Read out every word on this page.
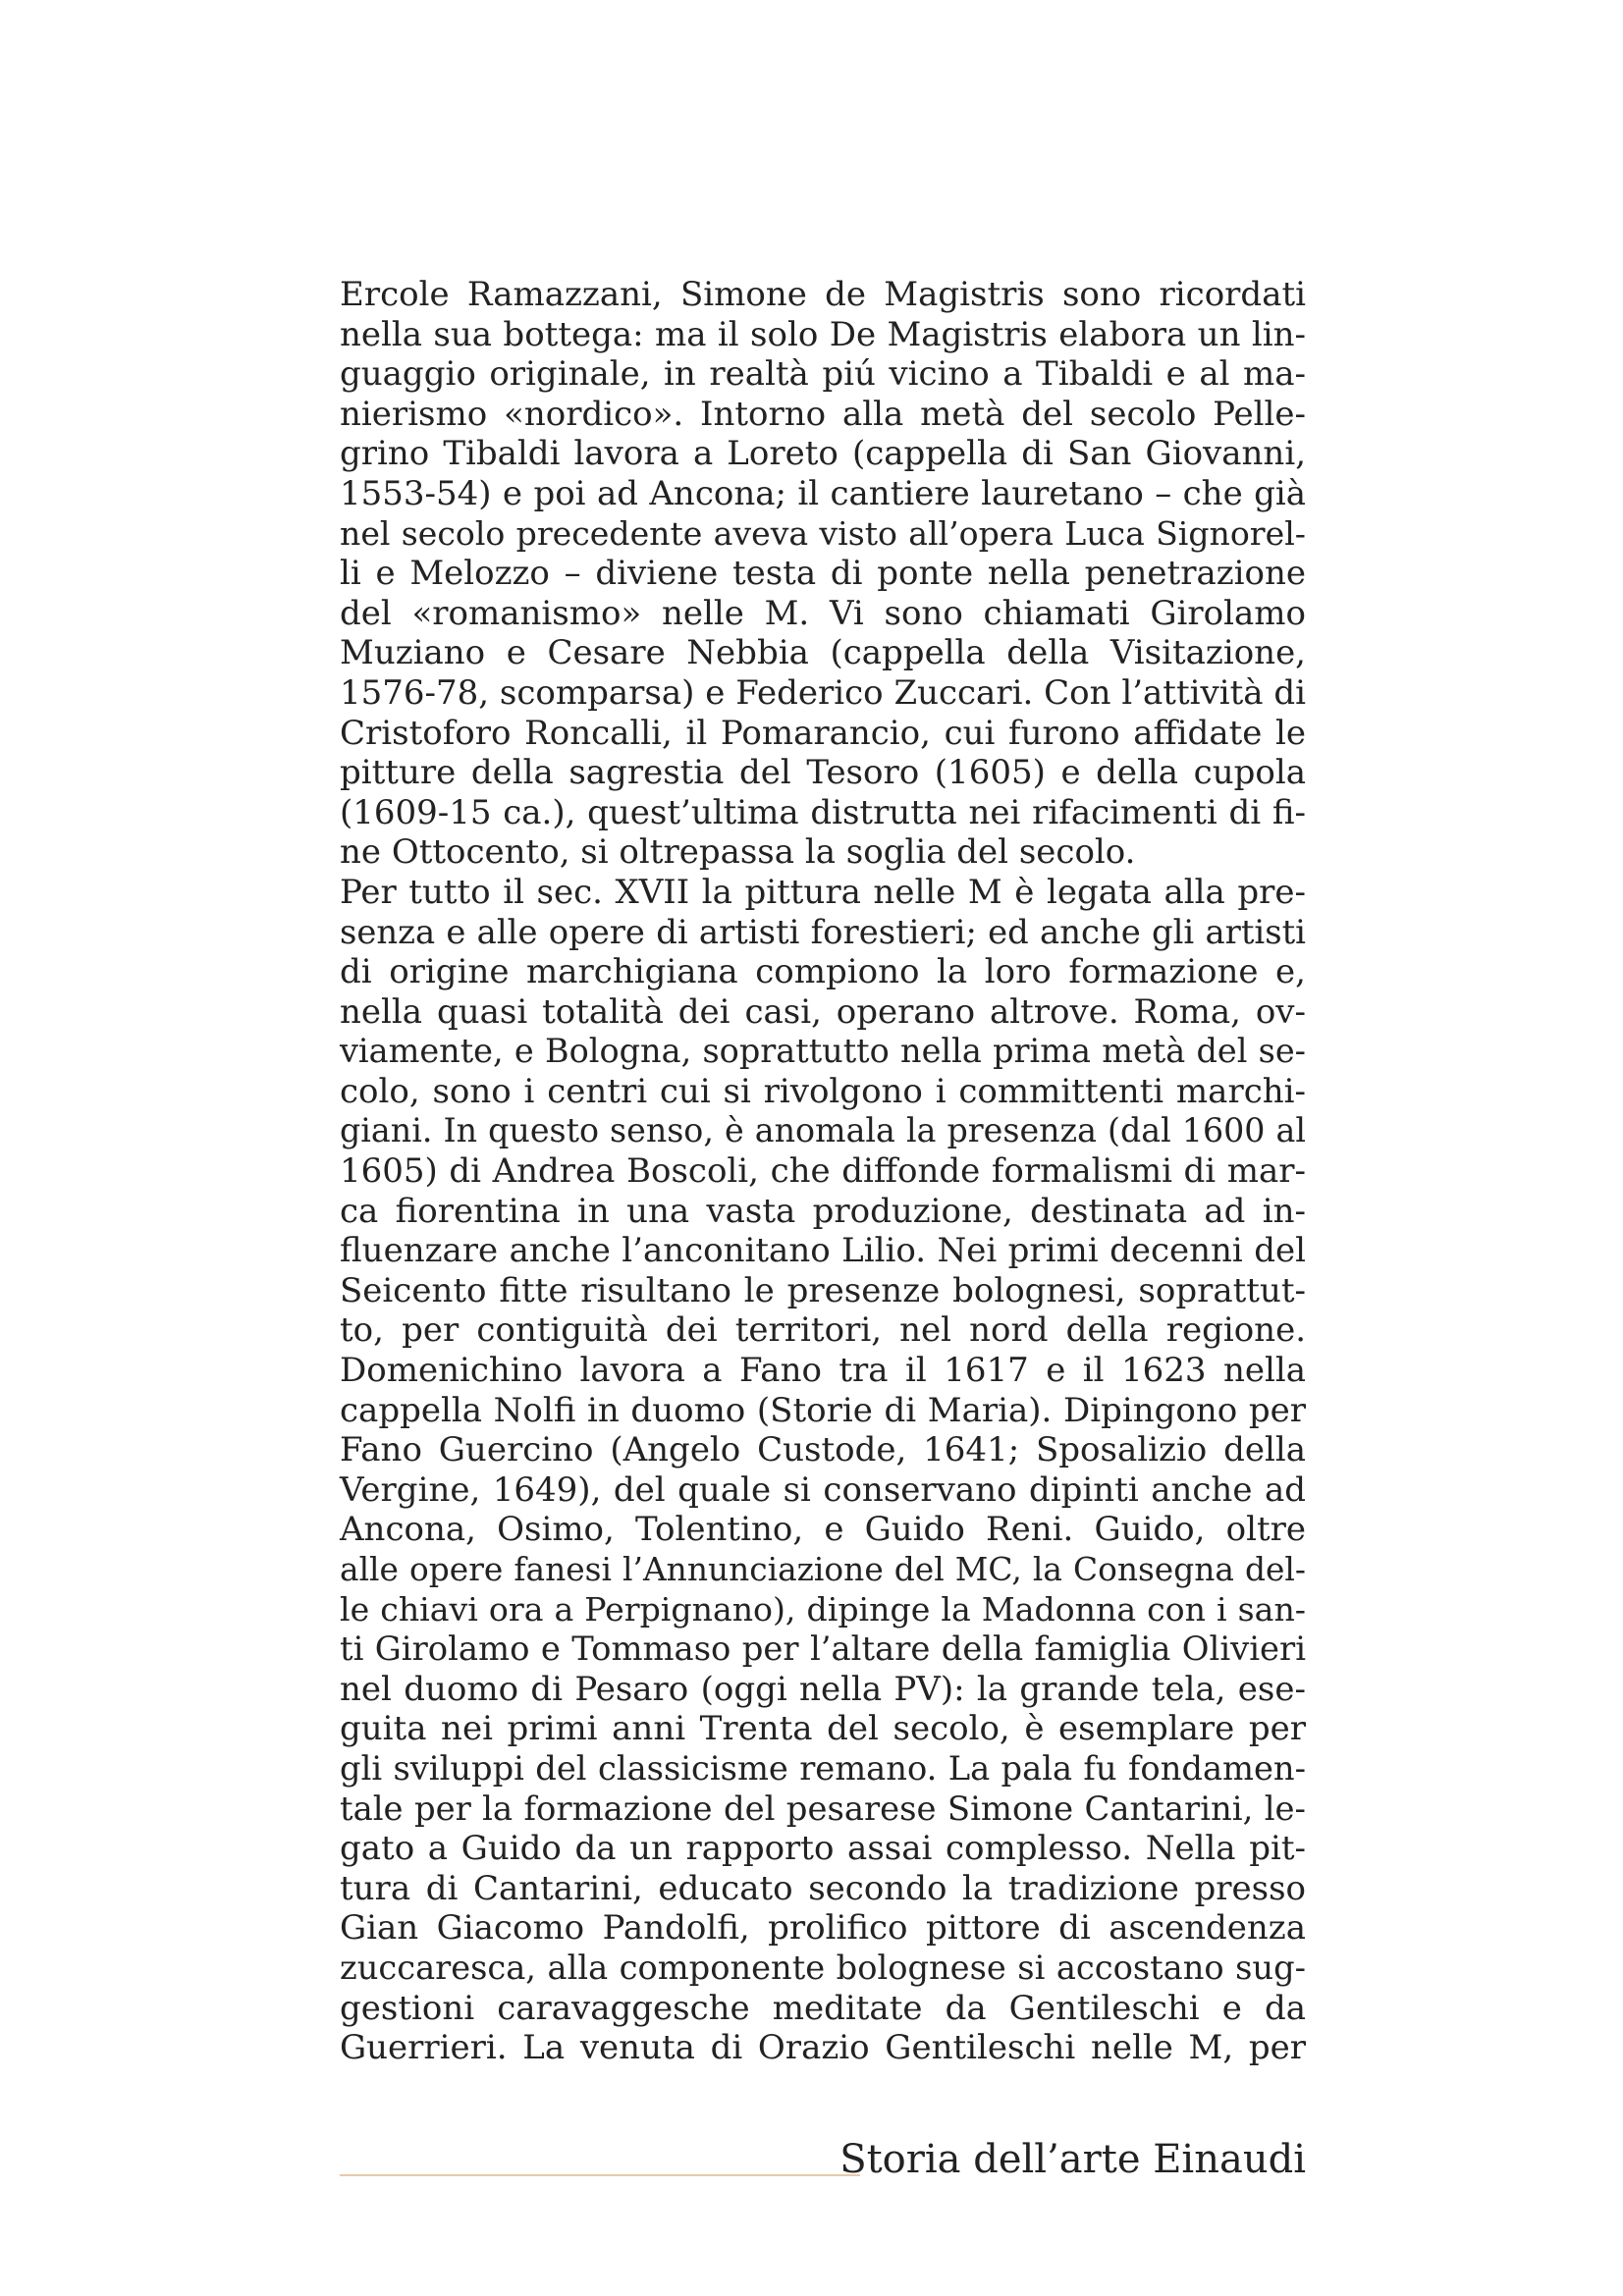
Ercole Ramazzani, Simone de Magistris sono ricordati
nella sua bottega: ma il solo De Magistris elabora un lin-
guaggio originale, in realtà piú vicino a Tibaldi e al ma-
nierismo «nordico». Intorno alla metà del secolo Pelle-
grino Tibaldi lavora a Loreto (cappella di San Giovanni,
1553-54) e poi ad Ancona; il cantiere lauretano – che già
nel secolo precedente aveva visto all’opera Luca Signorel-
li e Melozzo – diviene testa di ponte nella penetrazione
del «romanismo» nelle M. Vi sono chiamati Girolamo
Muziano e Cesare Nebbia (cappella della Visitazione,
1576-78, scomparsa) e Federico Zuccari. Con l’attività di
Cristoforo Roncalli, il Pomarancio, cui furono affidate le
pitture della sagrestia del Tesoro (1605) e della cupola
(1609-15 ca.), quest’ultima distrutta nei rifacimenti di fi-
ne Ottocento, si oltrepassa la soglia del secolo.
Per tutto il sec. XVII la pittura nelle M è legata alla pre-
senza e alle opere di artisti forestieri; ed anche gli artisti
di origine marchigiana compiono la loro formazione e,
nella quasi totalità dei casi, operano altrove. Roma, ov-
viamente, e Bologna, soprattutto nella prima metà del se-
colo, sono i centri cui si rivolgono i committenti marchi-
giani. In questo senso, è anomala la presenza (dal 1600 al
1605) di Andrea Boscoli, che diffonde formalismi di mar-
ca fiorentina in una vasta produzione, destinata ad in-
fluenzare anche l’anconitano Lilio. Nei primi decenni del
Seicento fitte risultano le presenze bolognesi, soprattut-
to, per contiguità dei territori, nel nord della regione.
Domenichino lavora a Fano tra il 1617 e il 1623 nella
cappella Nolfi in duomo (Storie di Maria). Dipingono per
Fano Guercino (Angelo Custode, 1641; Sposalizio della
Vergine, 1649), del quale si conservano dipinti anche ad
Ancona, Osimo, Tolentino, e Guido Reni. Guido, oltre
alle opere fanesi l’Annunciazione del MC, la Consegna del-
le chiavi ora a Perpignano), dipinge la Madonna con i san-
ti Girolamo e Tommaso per l’altare della famiglia Olivieri
nel duomo di Pesaro (oggi nella PV): la grande tela, ese-
guita nei primi anni Trenta del secolo, è esemplare per
gli sviluppi del classicisme remano. La pala fu fondamen-
tale per la formazione del pesarese Simone Cantarini, le-
gato a Guido da un rapporto assai complesso. Nella pit-
tura di Cantarini, educato secondo la tradizione presso
Gian Giacomo Pandolfi, prolifico pittore di ascendenza
zuccaresca, alla componente bolognese si accostano sug-
gestioni caravaggesche meditate da Gentileschi e da
Guerrieri. La venuta di Orazio Gentileschi nelle M, per
Storia dell’arte Einaudi
